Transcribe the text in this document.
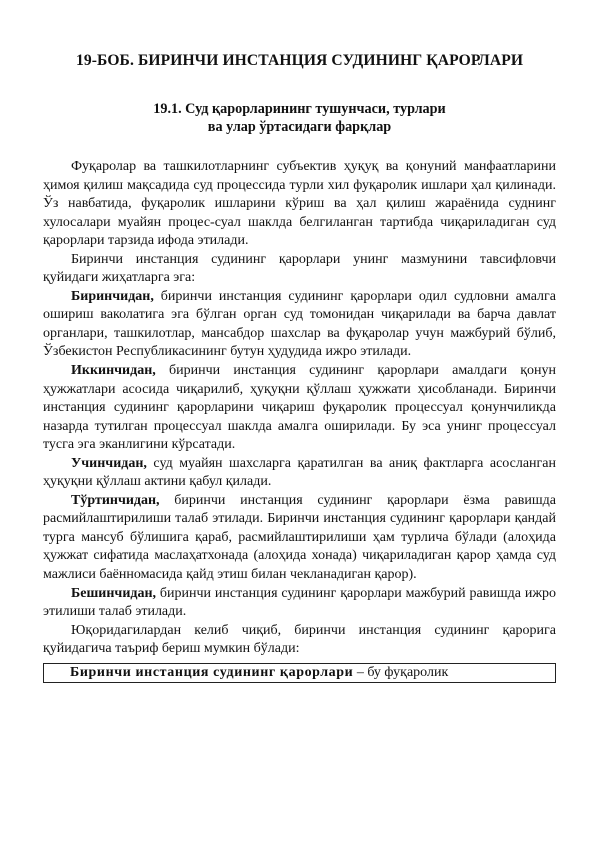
19-БОБ. БИРИНЧИ ИНСТАНЦИЯ СУДИНИНГ ҚАРОРЛАРИ
19.1. Суд қарорларининг тушунчаси, турлари
ва улар ўртасидаги фарқлар

Фуқаролар ва ташкилотларнинг субъектив ҳуқуқ ва қонуний манфаатларини ҳимоя қилиш мақсадида суд процессида турли хил фуқаролик ишлари ҳал қилинади. Ўз навбатида, фуқаролик ишларини кўриш ва ҳал қилиш жараёнида суднинг хулосалари муайян процес-суал шаклда белгиланган тартибда чиқариладиган суд қарорлари тарзида ифода этилади.

Биринчи инстанция судининг қарорлари унинг мазмунини тавсифловчи қуйидаги жиҳатларга эга:

Биринчидан, биринчи инстанция судининг қарорлари одил судловни амалга ошириш ваколатига эга бўлган орган суд томонидан чиқарилади ва барча давлат органлари, ташкилотлар, мансабдор шахслар ва фуқаролар учун мажбурий бўлиб, Ўзбекистон Республикасининг бутун ҳудудида ижро этилади.

Иккинчидан, биринчи инстанция судининг қарорлари амалдаги қонун ҳужжатлари асосида чиқарилиб, ҳуқуқни қўллаш ҳужжати ҳисобланади. Биринчи инстанция судининг қарорларини чиқариш фуқаролик процессуал қонунчиликда назарда тутилган процессуал шаклда амалга оширилади. Бу эса унинг процессуал тусга эга эканлигини кўрсатади.

Учинчидан, суд муайян шахсларга қаратилган ва аниқ фактларга асосланган ҳуқуқни қўллаш актини қабул қилади.

Тўртинчидан, биринчи инстанция судининг қарорлари ёзма равишда расмийлаштирилиши талаб этилади. Биринчи инстанция судининг қарорлари қандай турга мансуб бўлишига қараб, расмийлаштирилиши ҳам турлича бўлади (алоҳида ҳужжат сифатида маслаҳатхонада (алоҳида хонада) чиқариладиган қарор ҳамда суд мажлиси баённомасида қайд этиш билан чекланадиган қарор).

Бешинчидан, биринчи инстанция судининг қарорлари мажбурий равишда ижро этилиши талаб этилади.

Юқоридагилардан келиб чиқиб, биринчи инстанция судининг қарорига қуйидагича таъриф бериш мумкин бўлади:

Биринчи инстанция судининг қарорлари – бу фуқаролик
